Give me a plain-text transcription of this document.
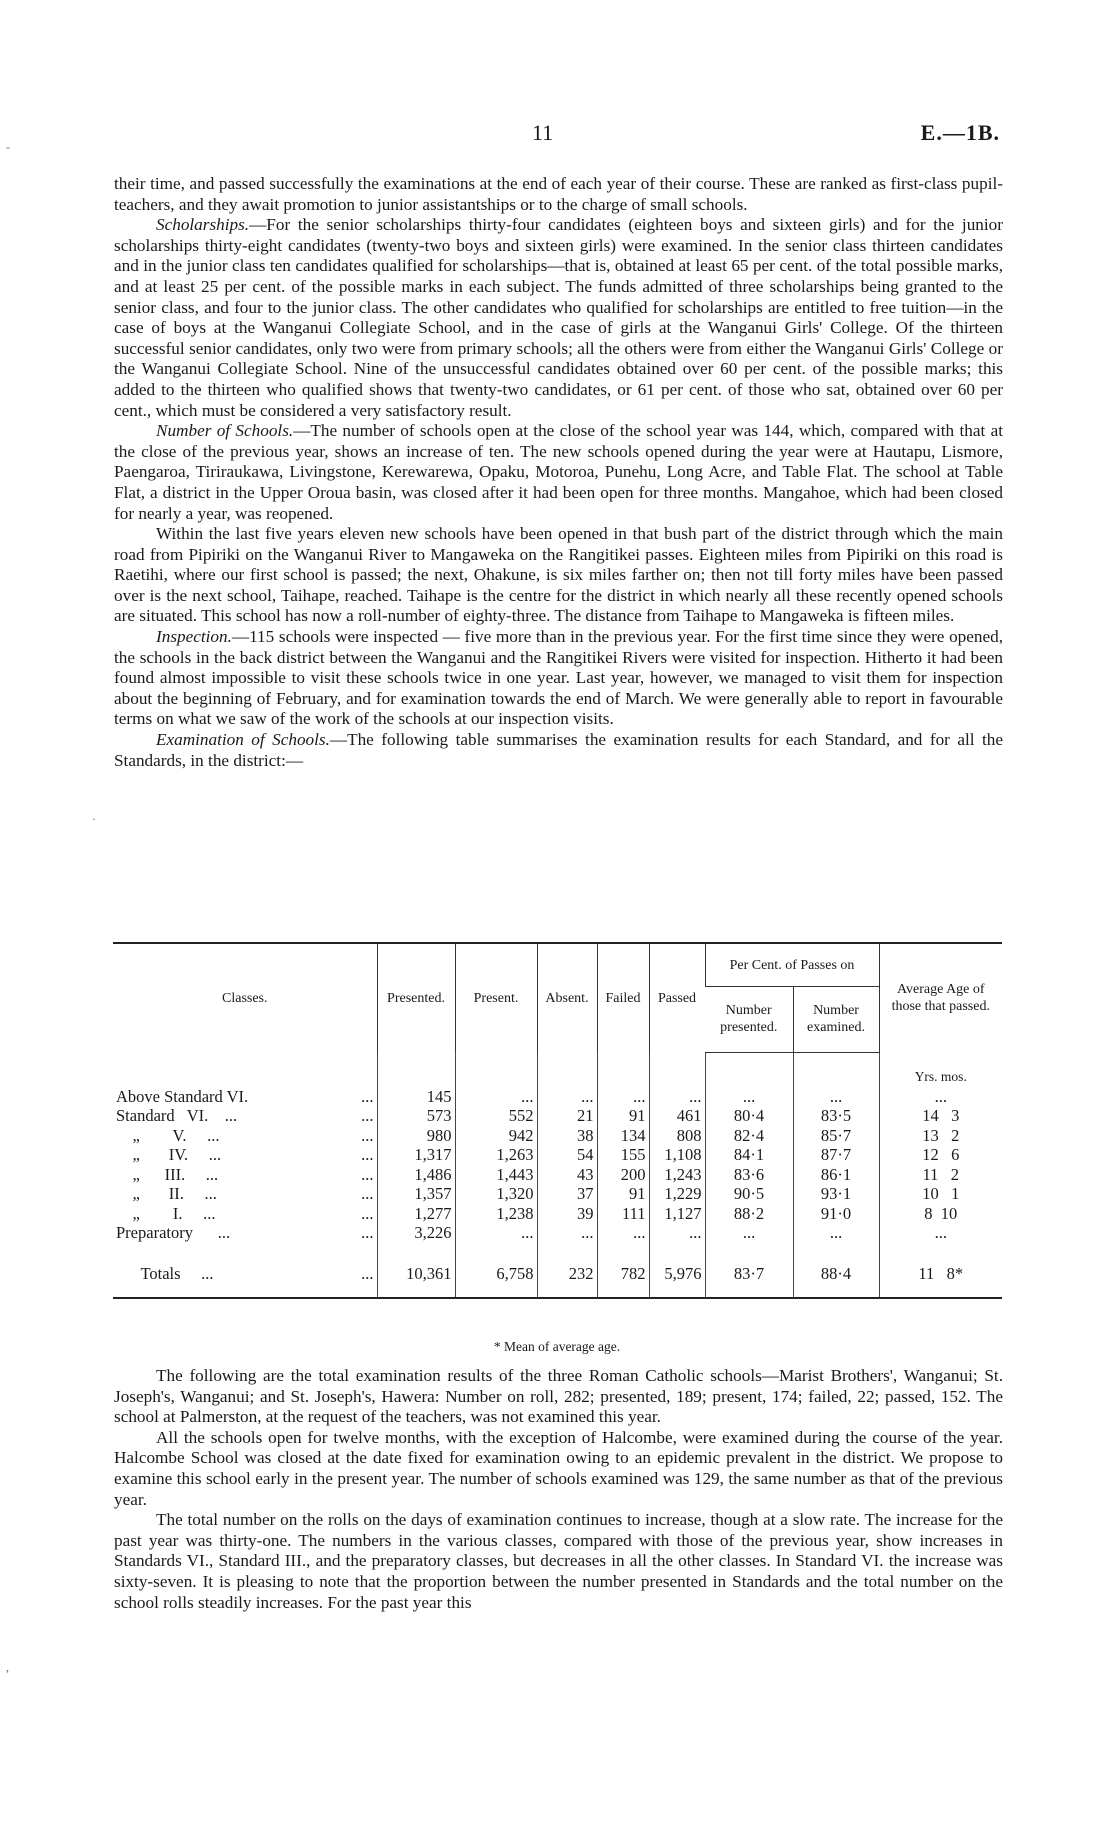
11	E.—1B.
-
·
,

their time, and passed successfully the examinations at the end of each year of their course. These are ranked as first-class pupil-teachers, and they await promotion to junior assistantships or to the charge of small schools.

Scholarships.—For the senior scholarships thirty-four candidates (eighteen boys and sixteen girls) and for the junior scholarships thirty-eight candidates (twenty-two boys and sixteen girls) were examined. In the senior class thirteen candidates and in the junior class ten candidates qualified for scholarships—that is, obtained at least 65 per cent. of the total possible marks, and at least 25 per cent. of the possible marks in each subject. The funds admitted of three scholarships being granted to the senior class, and four to the junior class. The other candidates who qualified for scholarships are entitled to free tuition—in the case of boys at the Wanganui Collegiate School, and in the case of girls at the Wanganui Girls' College. Of the thirteen successful senior candidates, only two were from primary schools; all the others were from either the Wanganui Girls' College or the Wanganui Collegiate School. Nine of the unsuccessful candidates obtained over 60 per cent. of the possible marks; this added to the thirteen who qualified shows that twenty-two candidates, or 61 per cent. of those who sat, obtained over 60 per cent., which must be considered a very satisfactory result.

Number of Schools.—The number of schools open at the close of the school year was 144, which, compared with that at the close of the previous year, shows an increase of ten. The new schools opened during the year were at Hautapu, Lismore, Paengaroa, Tiriraukawa, Livingstone, Kerewarewa, Opaku, Motoroa, Punehu, Long Acre, and Table Flat. The school at Table Flat, a district in the Upper Oroua basin, was closed after it had been open for three months. Mangahoe, which had been closed for nearly a year, was reopened.

Within the last five years eleven new schools have been opened in that bush part of the district through which the main road from Pipiriki on the Wanganui River to Mangaweka on the Rangitikei passes. Eighteen miles from Pipiriki on this road is Raetihi, where our first school is passed; the next, Ohakune, is six miles farther on; then not till forty miles have been passed over is the next school, Taihape, reached. Taihape is the centre for the district in which nearly all these recently opened schools are situated. This school has now a roll-number of eighty-three. The distance from Taihape to Mangaweka is fifteen miles.

Inspection.—115 schools were inspected — five more than in the previous year. For the first time since they were opened, the schools in the back district between the Wanganui and the Rangitikei Rivers were visited for inspection. Hitherto it had been found almost impossible to visit these schools twice in one year. Last year, however, we managed to visit them for inspection about the beginning of February, and for examination towards the end of March. We were generally able to report in favourable terms on what we saw of the work of the schools at our inspection visits.

Examination of Schools.—The following table summarises the examination results for each Standard, and for all the Standards, in the district:—

Classes.	Presented.	Present.	Absent.	Failed	Passed	Per Cent. of Passes on		Average Age of those that passed.
						Number presented.	Number examined.	
								Yrs. mos.

Above Standard VI. ...	145	...	...	...	...	...	...	...

Standard   VI.    ... ...	573	552	21	91	461	80·4	83·5	14   3

„        V.     ... ...	980	942	38	134	808	82·4	85·7	13   2

„       IV.     ... ...	1,317	1,263	54	155	1,108	84·1	87·7	12   6

„      III.     ... ...	1,486	1,443	43	200	1,243	83·6	86·1	11   2

„       II.     ... ...	1,357	1,320	37	91	1,229	90·5	93·1	10   1

„        I.     ... ...	1,277	1,238	39	111	1,127	88·2	91·0	8  10

Preparatory      ... ...	3,226	...	...	...	...	...	...	...

Totals     ... ...	10,361	6,758	232	782	5,976	83·7	88·4	11   8*
* Mean of average age.

The following are the total examination results of the three Roman Catholic schools—Marist Brothers', Wanganui; St. Joseph's, Wanganui; and St. Joseph's, Hawera: Number on roll, 282; presented, 189; present, 174; failed, 22; passed, 152. The school at Palmerston, at the request of the teachers, was not examined this year.

All the schools open for twelve months, with the exception of Halcombe, were examined during the course of the year. Halcombe School was closed at the date fixed for examination owing to an epidemic prevalent in the district. We propose to examine this school early in the present year. The number of schools examined was 129, the same number as that of the previous year.

The total number on the rolls on the days of examination continues to increase, though at a slow rate. The increase for the past year was thirty-one. The numbers in the various classes, compared with those of the previous year, show increases in Standards VI., Standard III., and the preparatory classes, but decreases in all the other classes. In Standard VI. the increase was sixty-seven. It is pleasing to note that the proportion between the number presented in Standards and the total number on the school rolls steadily increases. For the past year this
